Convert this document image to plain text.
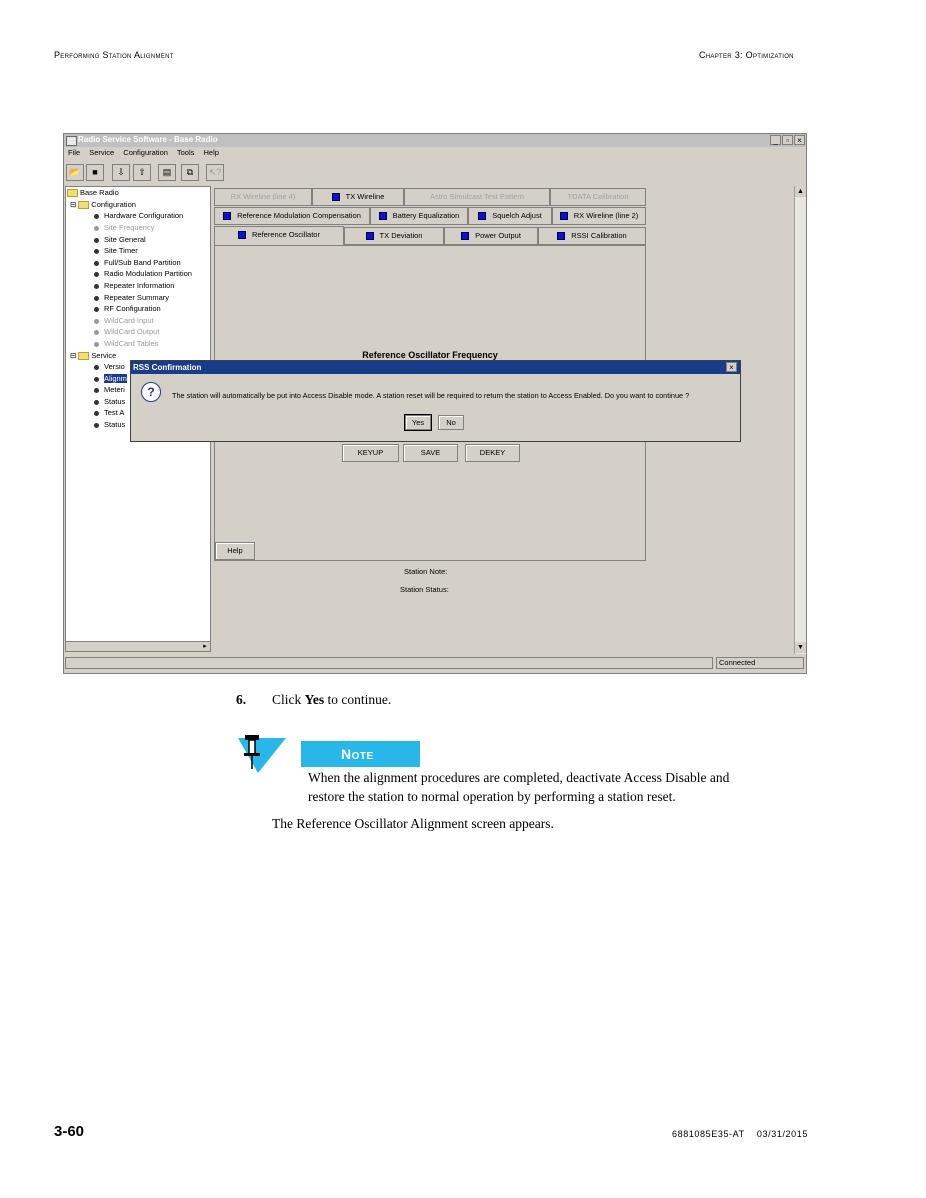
Performing Station Alignment	Chapter 3: Optimization
Radio Service Software - Base Radio	_	▫	×
File Service Configuration Tools Help
📂	■	⇩	⇧	▤	⧉	↖?
Base Radio
⊟ Configuration
Hardware Configuration
Site Frequency
Site General
Site Timer
Full/Sub Band Partition
Radio Modulation Partition
Repeater Information
Repeater Summary
RF Configuration
WildCard Input
WildCard Output
WildCard Tables
⊟ Service
Versio
Alignm
Meteri
Status
Test A
Status
▸
RX Wireline (line 4)	TX Wireline	Astro Simulcast Test Pattern	TDATA Calibration
Reference Modulation Compensation	Battery Equalization	Squelch Adjust	RX Wireline (line 2)
Reference Oscillator	TX Deviation	Power Output	RSSI Calibration
Reference Oscillator Frequency
KEYUP	SAVE	DEKEY
Help
Station Note:
Station Status:
▲
▼
Connected
RSS Confirmation	×
?	The station will automatically be put into Access Disable mode. A station reset will be required to return the station to Access Enabled. Do you want to continue ?
Yes	No
6. Click Yes to continue.
Note
When the alignment procedures are completed, deactivate Access Disable and
restore the station to normal operation by performing a station reset.
The Reference Oscillator Alignment screen appears.
3-60	6881085E35-AT    03/31/2015
